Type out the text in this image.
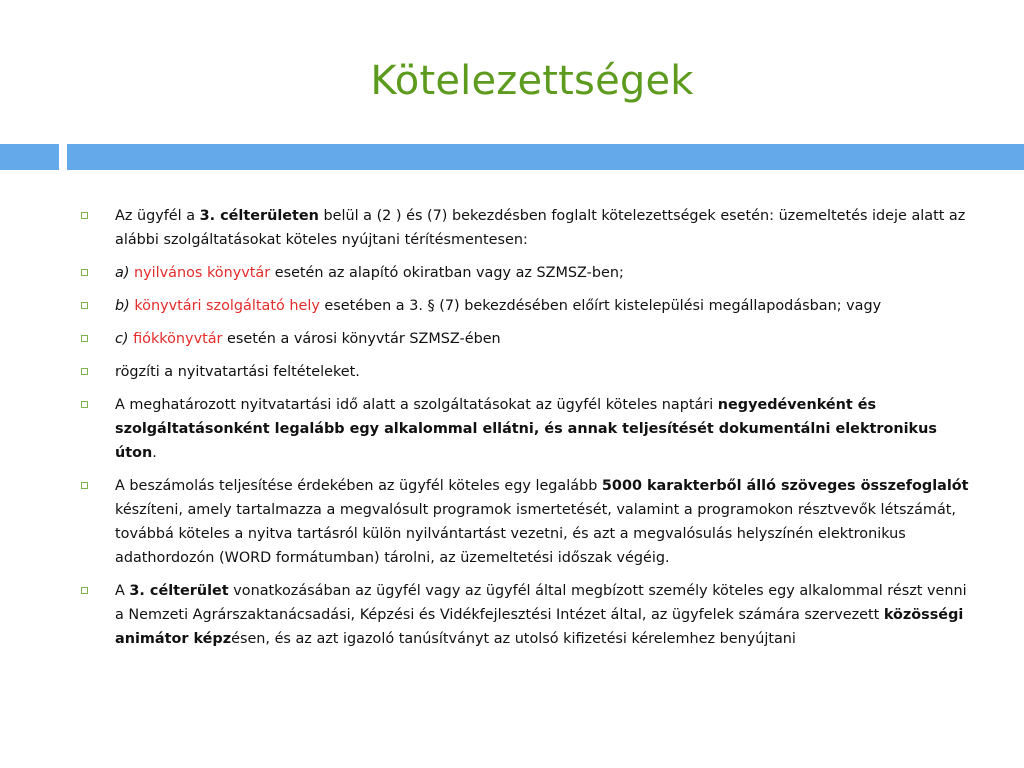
Kötelezettségek
Az ügyfél a 3. célterületen belül a (2 ) és (7) bekezdésben foglalt kötelezettségek esetén: üzemeltetés ideje alatt az alábbi szolgáltatásokat köteles nyújtani térítésmentesen:
a) nyilvános könyvtár esetén az alapító okiratban vagy az SZMSZ-ben;
b) könyvtári szolgáltató hely esetében a 3. § (7) bekezdésében előírt kistelepülési megállapodásban; vagy
c) fiókkönyvtár esetén a városi könyvtár SZMSZ-ében
rögzíti a nyitvatartási feltételeket.
A meghatározott nyitvatartási idő alatt a szolgáltatásokat az ügyfél köteles naptári negyedévenként és szolgáltatásonként legalább egy alkalommal ellátni, és annak teljesítését dokumentálni elektronikus úton.
A beszámolás teljesítése érdekében az ügyfél köteles egy legalább 5000 karakterből álló szöveges összefoglalót készíteni, amely tartalmazza a megvalósult programok ismertetését, valamint a programokon résztvevők létszámát, továbbá köteles a nyitva tartásról külön nyilvántartást vezetni, és azt a megvalósulás helyszínén elektronikus adathordozón (WORD formátumban) tárolni, az üzemeltetési időszak végéig.
A 3. célterület vonatkozásában az ügyfél vagy az ügyfél által megbízott személy köteles egy alkalommal részt venni a Nemzeti Agrárszaktanácsadási, Képzési és Vidékfejlesztési Intézet által, az ügyfelek számára szervezett közösségi animátor képzésen, és az azt igazoló tanúsítványt az utolsó kifizetési kérelemhez benyújtani
